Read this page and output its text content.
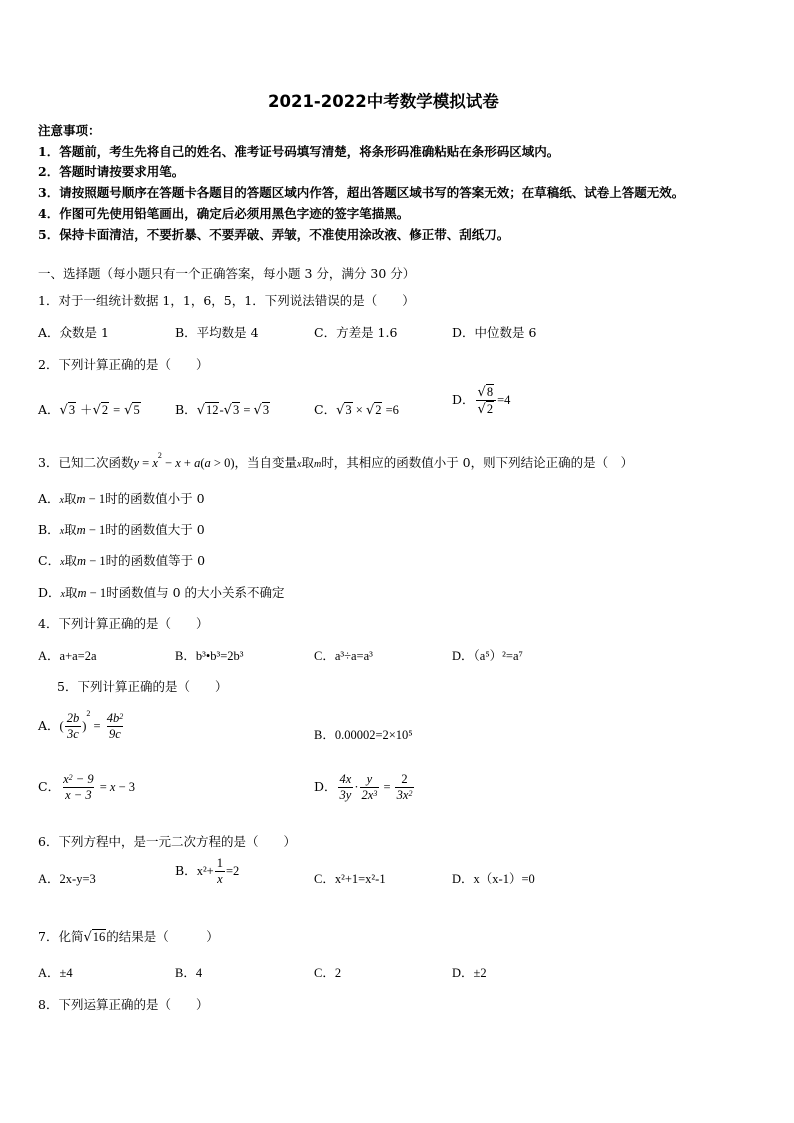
2021-2022中考数学模拟试卷
注意事项：
1．答题前，考生先将自己的姓名、准考证号码填写清楚，将条形码准确粘贴在条形码区域内。
2．答题时请按要求用笔。
3．请按照题号顺序在答题卡各题目的答题区域内作答，超出答题区域书写的答案无效；在草稿纸、试卷上答题无效。
4．作图可先使用铅笔画出，确定后必须用黑色字迹的签字笔描黑。
5．保持卡面清洁，不要折暴、不要弄破、弄皱，不准使用涂改液、修正带、刮纸刀。
一、选择题（每小题只有一个正确答案，每小题 3 分，满分 30 分）
1．对于一组统计数据 1，1，6，5，1．下列说法错误的是（　　）
A．众数是 1	B．平均数是 4	C．方差是 1.6	D．中位数是 6
2．下列计算正确的是（　　）
A．√3 ＋√2 = √5	B．√12-√3 = √3	C．√3 × √2 =6
D． $\frac{√8}{√2} =4$
3．已知二次函数$y = x^2 - x + a(a > 0)$，当自变量x取m时，其相应的函数值小于 0，则下列结论正确的是（　）
A．x取m − 1时的函数值小于 0
B．x取m − 1时的函数值大于 0
C．x取m − 1时的函数值等于 0
D．x取m − 1时函数值与 0 的大小关系不确定
4．下列计算正确的是（　　）
A．a+a=2a	B．b³•b³=2b³	C．a³÷a=a³	D．（a⁵）²=a⁷
5．下列计算正确的是（　　）
A．( $\frac{2b}{3c} )^2 = \frac{4b^2}{9c}$	B．0.00002=2×10⁵
C． $\frac{x^2 - 9}{x - 3} = x - 3$	D． $\frac{4x}{3y} \cdot \frac{y}{2x^3} = \frac{2}{3x^2}$
6．下列方程中，是一元二次方程的是（　　）
A．2x-y=3
B．$x^2+ \frac{1}{x} =2$
C．x²+1=x²-1	D．x（x-1）=0
7．化简√16的结果是（　　　）
A．±4	B．4	C．2	D．±2
8．下列运算正确的是（　　）
